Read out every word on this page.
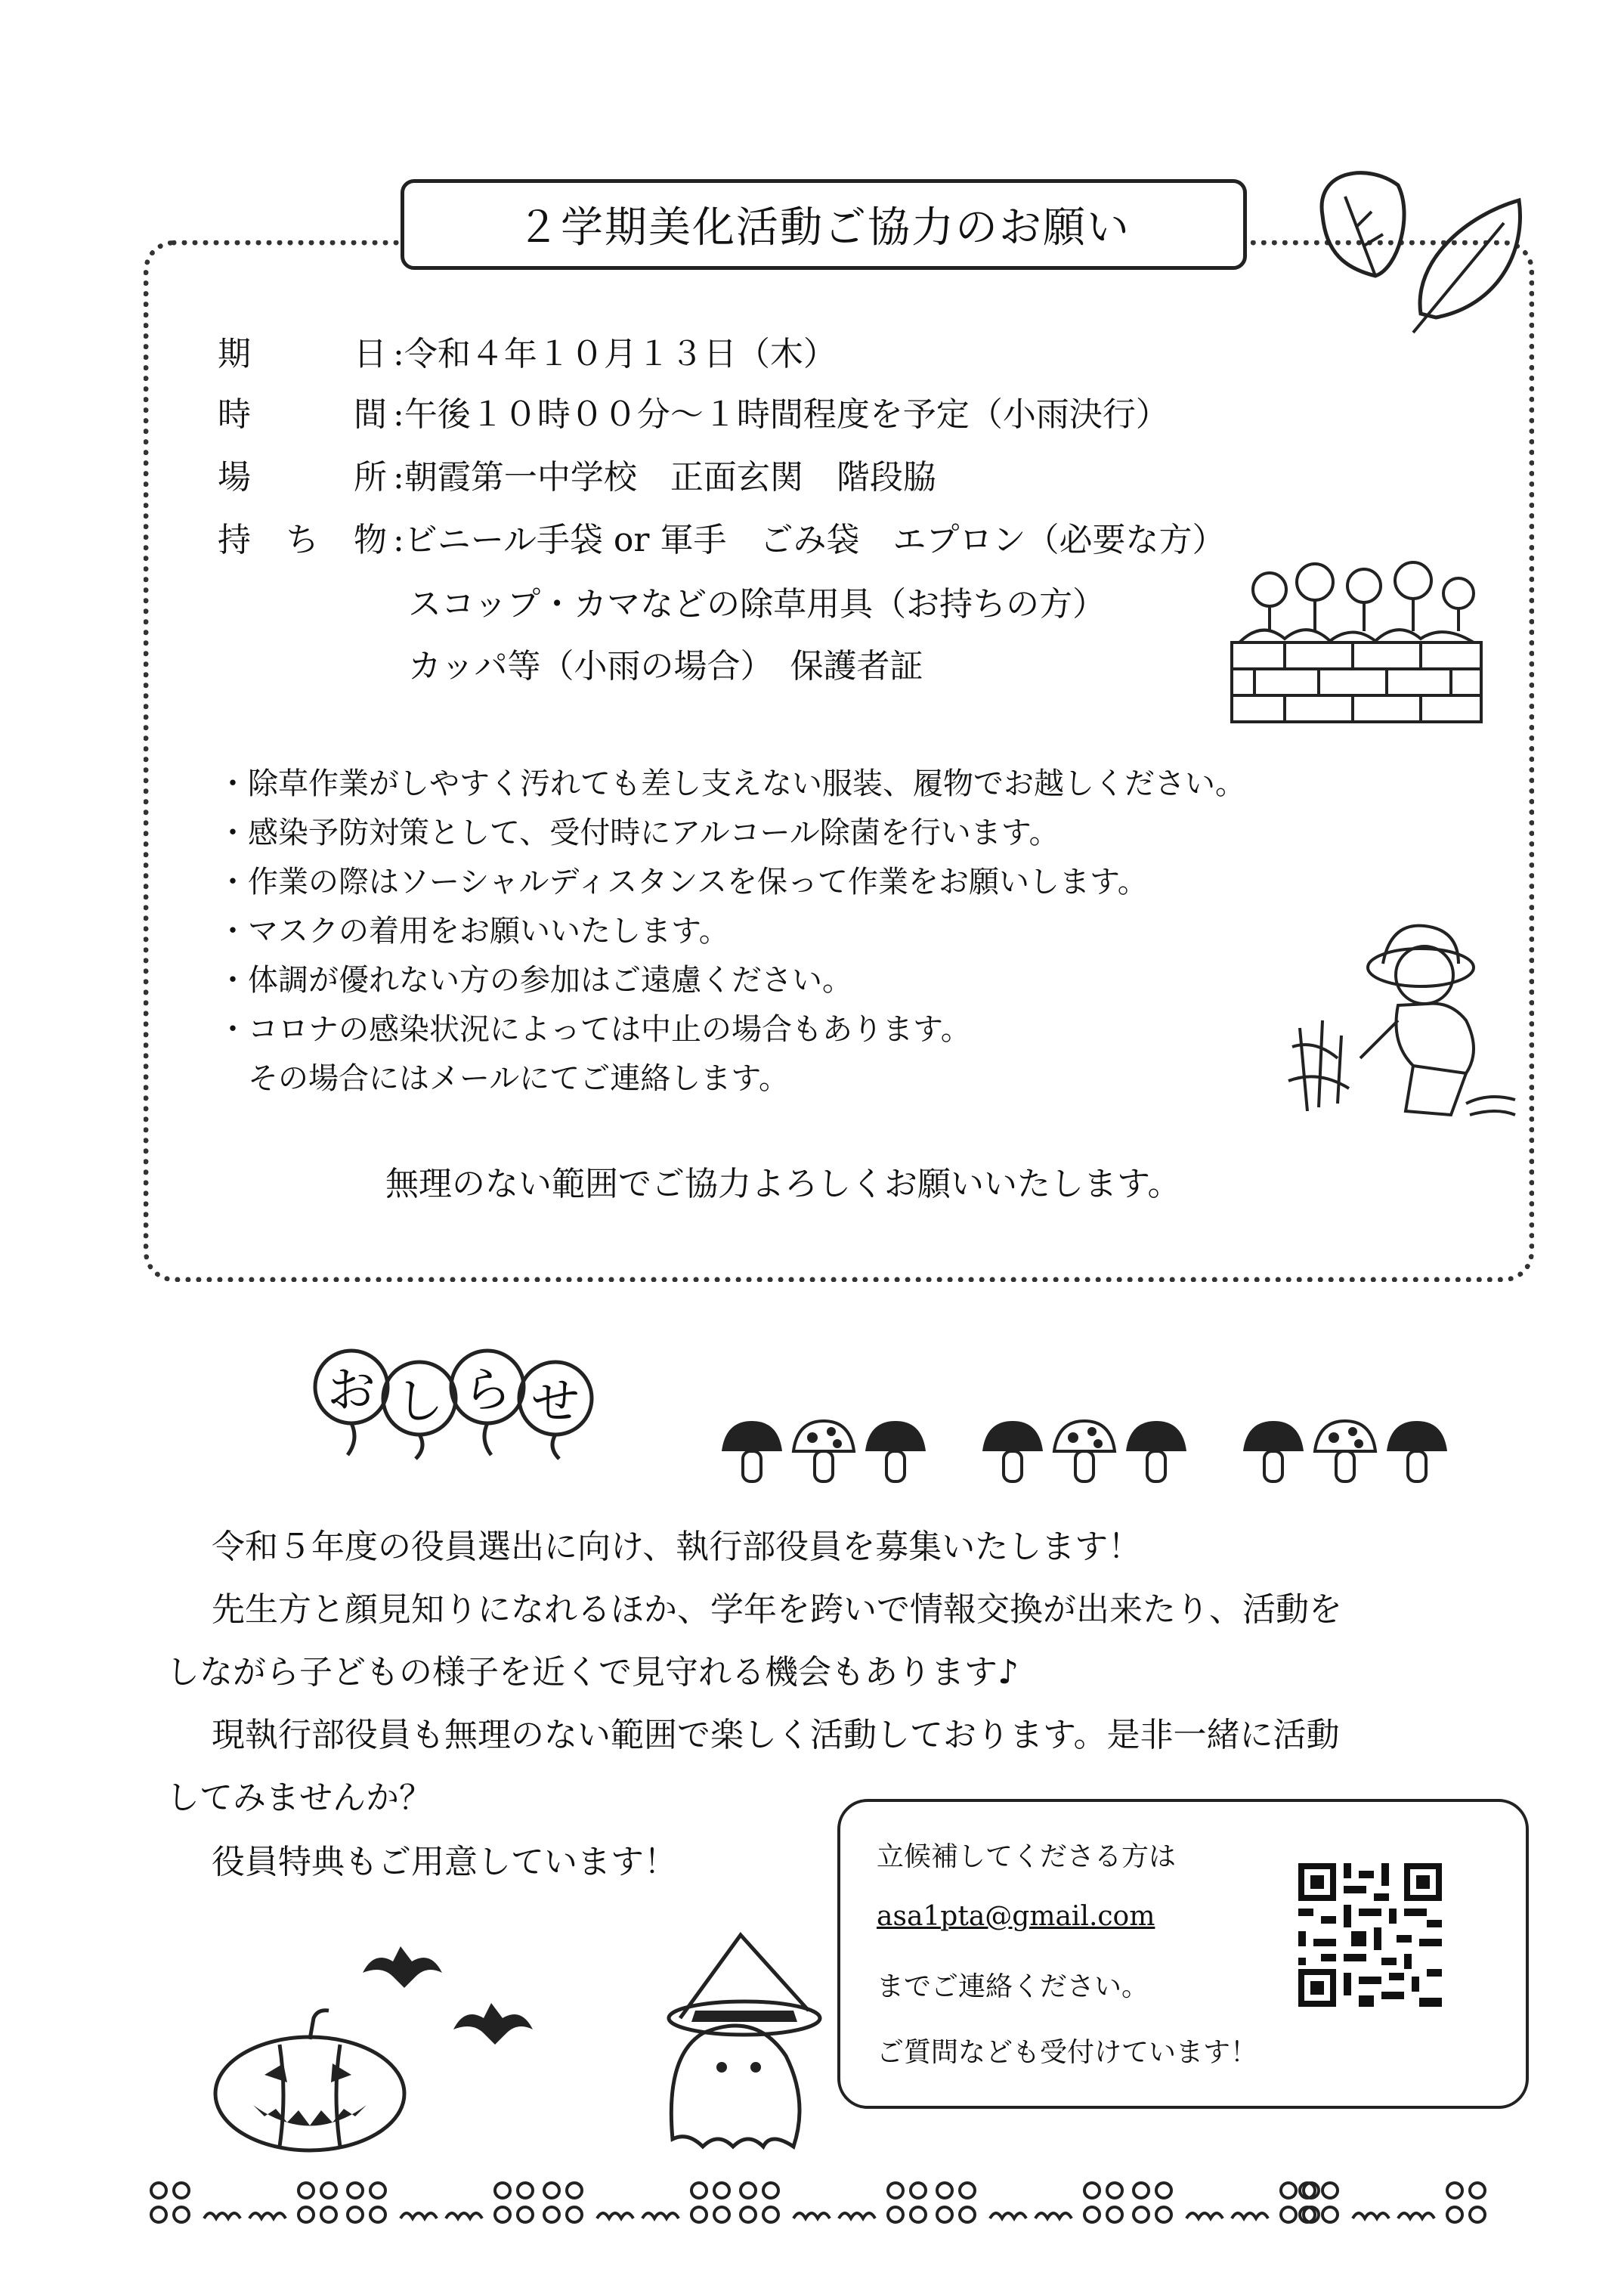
２学期美化活動ご協力のお願い
期	日 :令和４年１０月１３日（木）
時	間 :午後１０時００分～１時間程度を予定（小雨決行）
場	所 :朝霞第一中学校　正面玄関　階段脇
持 ち 物 :ビニール手袋 or 軍手　ごみ袋　エプロン（必要な方）
スコップ・カマなどの除草用具（お持ちの方）
カッパ等（小雨の場合）　保護者証
・除草作業がしやすく汚れても差し支えない服装、履物でお越しください。
・感染予防対策として、受付時にアルコール除菌を行います。
・作業の際はソーシャルディスタンスを保って作業をお願いします。
・マスクの着用をお願いいたします。
・体調が優れない方の参加はご遠慮ください。
・コロナの感染状況によっては中止の場合もあります。
　その場合にはメールにてご連絡します。
無理のない範囲でご協力よろしくお願いいたします。
お し ら せ
令和５年度の役員選出に向け、執行部役員を募集いたします！
先生方と顔見知りになれるほか、学年を跨いで情報交換が出来たり、活動を
しながら子どもの様子を近くで見守れる機会もあります♪
現執行部役員も無理のない範囲で楽しく活動しております。是非一緒に活動
してみませんか？
役員特典もご用意しています！	立候補してくださる方は
asa1pta@gmail.com
までご連絡ください。
ご質問なども受付けています！
